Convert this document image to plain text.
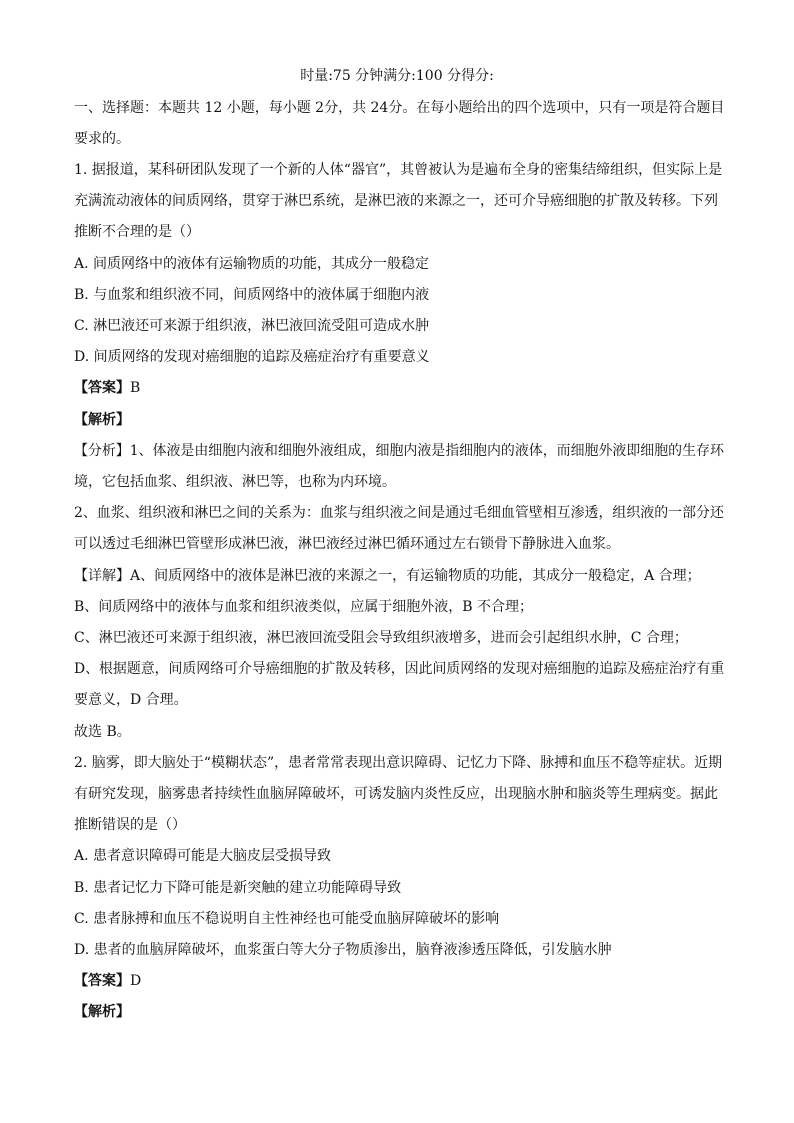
时量:75 分钟满分:100 分得分:
一、选择题：本题共 12 小题，每小题 2分，共 24分。在每小题给出的四个选项中，只有一项是符合题目
要求的。
1. 据报道，某科研团队发现了一个新的人体“器官”，其曾被认为是遍布全身的密集结缔组织，但实际上是
充满流动液体的间质网络，贯穿于淋巴系统，是淋巴液的来源之一，还可介导癌细胞的扩散及转移。下列
推断不合理的是（）
A. 间质网络中的液体有运输物质的功能，其成分一般稳定
B. 与血浆和组织液不同，间质网络中的液体属于细胞内液
C. 淋巴液还可来源于组织液，淋巴液回流受阻可造成水肿
D. 间质网络的发现对癌细胞的追踪及癌症治疗有重要意义
【答案】B
【解析】
【分析】1、体液是由细胞内液和细胞外液组成，细胞内液是指细胞内的液体，而细胞外液即细胞的生存环
境，它包括血浆、组织液、淋巴等，也称为内环境。
2、血浆、组织液和淋巴之间的关系为：血浆与组织液之间是通过毛细血管壁相互渗透，组织液的一部分还
可以透过毛细淋巴管壁形成淋巴液，淋巴液经过淋巴循环通过左右锁骨下静脉进入血浆。
【详解】A、间质网络中的液体是淋巴液的来源之一，有运输物质的功能，其成分一般稳定，A 合理；
B、间质网络中的液体与血浆和组织液类似，应属于细胞外液，B 不合理；
C、淋巴液还可来源于组织液，淋巴液回流受阻会导致组织液增多，进而会引起组织水肿，C 合理；
D、根据题意，间质网络可介导癌细胞的扩散及转移，因此间质网络的发现对癌细胞的追踪及癌症治疗有重
要意义，D 合理。
故选 B。
2. 脑雾，即大脑处于“模糊状态”，患者常常表现出意识障碍、记忆力下降、脉搏和血压不稳等症状。近期
有研究发现，脑雾患者持续性血脑屏障破坏，可诱发脑内炎性反应，出现脑水肿和脑炎等生理病变。据此
推断错误的是（）
A. 患者意识障碍可能是大脑皮层受损导致
B. 患者记忆力下降可能是新突触的建立功能障碍导致
C. 患者脉搏和血压不稳说明自主性神经也可能受血脑屏障破坏的影响
D. 患者的血脑屏障破坏，血浆蛋白等大分子物质渗出，脑脊液渗透压降低，引发脑水肿
【答案】D
【解析】
